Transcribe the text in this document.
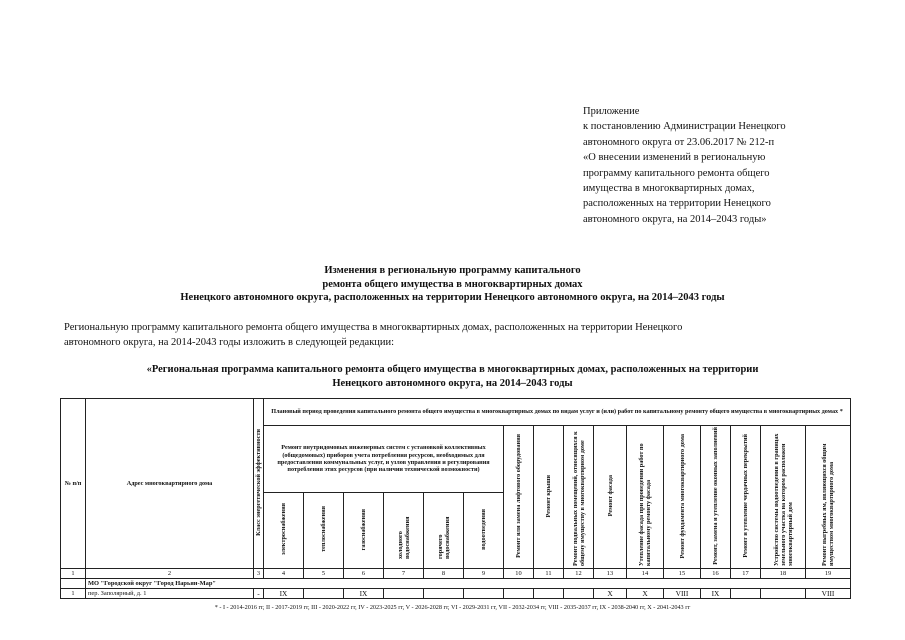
Приложение
к постановлению Администрации Ненецкого
автономного округа от 23.06.2017 № 212-п
«О внесении изменений в региональную
программу капитального ремонта общего
имущества в многоквартирных домах,
расположенных на территории Ненецкого
автономного округа, на 2014–2043 годы»
Изменения в региональную программу капитального
ремонта общего имущества в многоквартирных домах
Ненецкого автономного округа, расположенных на территории Ненецкого автономного округа, на 2014–2043 годы
Региональную программу капитального ремонта общего имущества в многоквартирных домах, расположенных на территории Ненецкого
автономного округа, на 2014-2043 годы изложить в следующей редакции:
«Региональная программа капитального ремонта общего имущества в многоквартирных домах, расположенных на территории
Ненецкого автономного округа, на 2014–2043 годы
№ п/п	Адрес многоквартирного дома	Класс энергетической эффективности	Плановый период проведения капитального ремонта общего имущества в многоквартирных домах по видам услуг и (или) работ по капитальному ремонту общего имущества в многоквартирных домах *															
			Ремонт внутридомовых инженерных систем с установкой коллективных (общедомовых) приборов учета потребления ресурсов, необходимых для предоставления коммунальных услуг, и узлов управления и регулирования потребления этих ресурсов (при наличии технической возможности)						Ремонт или замена лифтового оборудования	Ремонт крыши	Ремонт подвальных помещений, относящихся к общему имуществу в многоквартирном доме	Ремонт фасада	Утепление фасада при проведении работ по капитальному ремонту фасада	Ремонт фундамента многоквартирного дома	Ремонт, замена и утепление оконных заполнений	Ремонт и утепление чердачных перекрытий	Устройство системы водоотведения в границах земельного участка на котором расположен многоквартирный дом	Ремонт выгребных ям, являющихся общим имуществом многоквартирного дома
			электроснабжения	теплоснабжения	газоснабжения	холодного водоснабжения	горячего водоснабжения	водоотведения										
1	2	3	4	5	6	7	8	9	10	11	12	13	14	15	16	17	18	19
	МО "Городской округ "Город Нарьян-Мар"																	
1	пер. Заполярный, д. 1	-	IX		IX							X	X	VIII	IX			VIII
* - I - 2014-2016 гг, II - 2017-2019 гг, III - 2020-2022 гг, IV - 2023-2025 гг, V - 2026-2028 гг, VI - 2029-2031 гг, VII - 2032-2034 гг, VIII - 2035-2037 гг, IX - 2038-2040 гг, X - 2041-2043 гг
